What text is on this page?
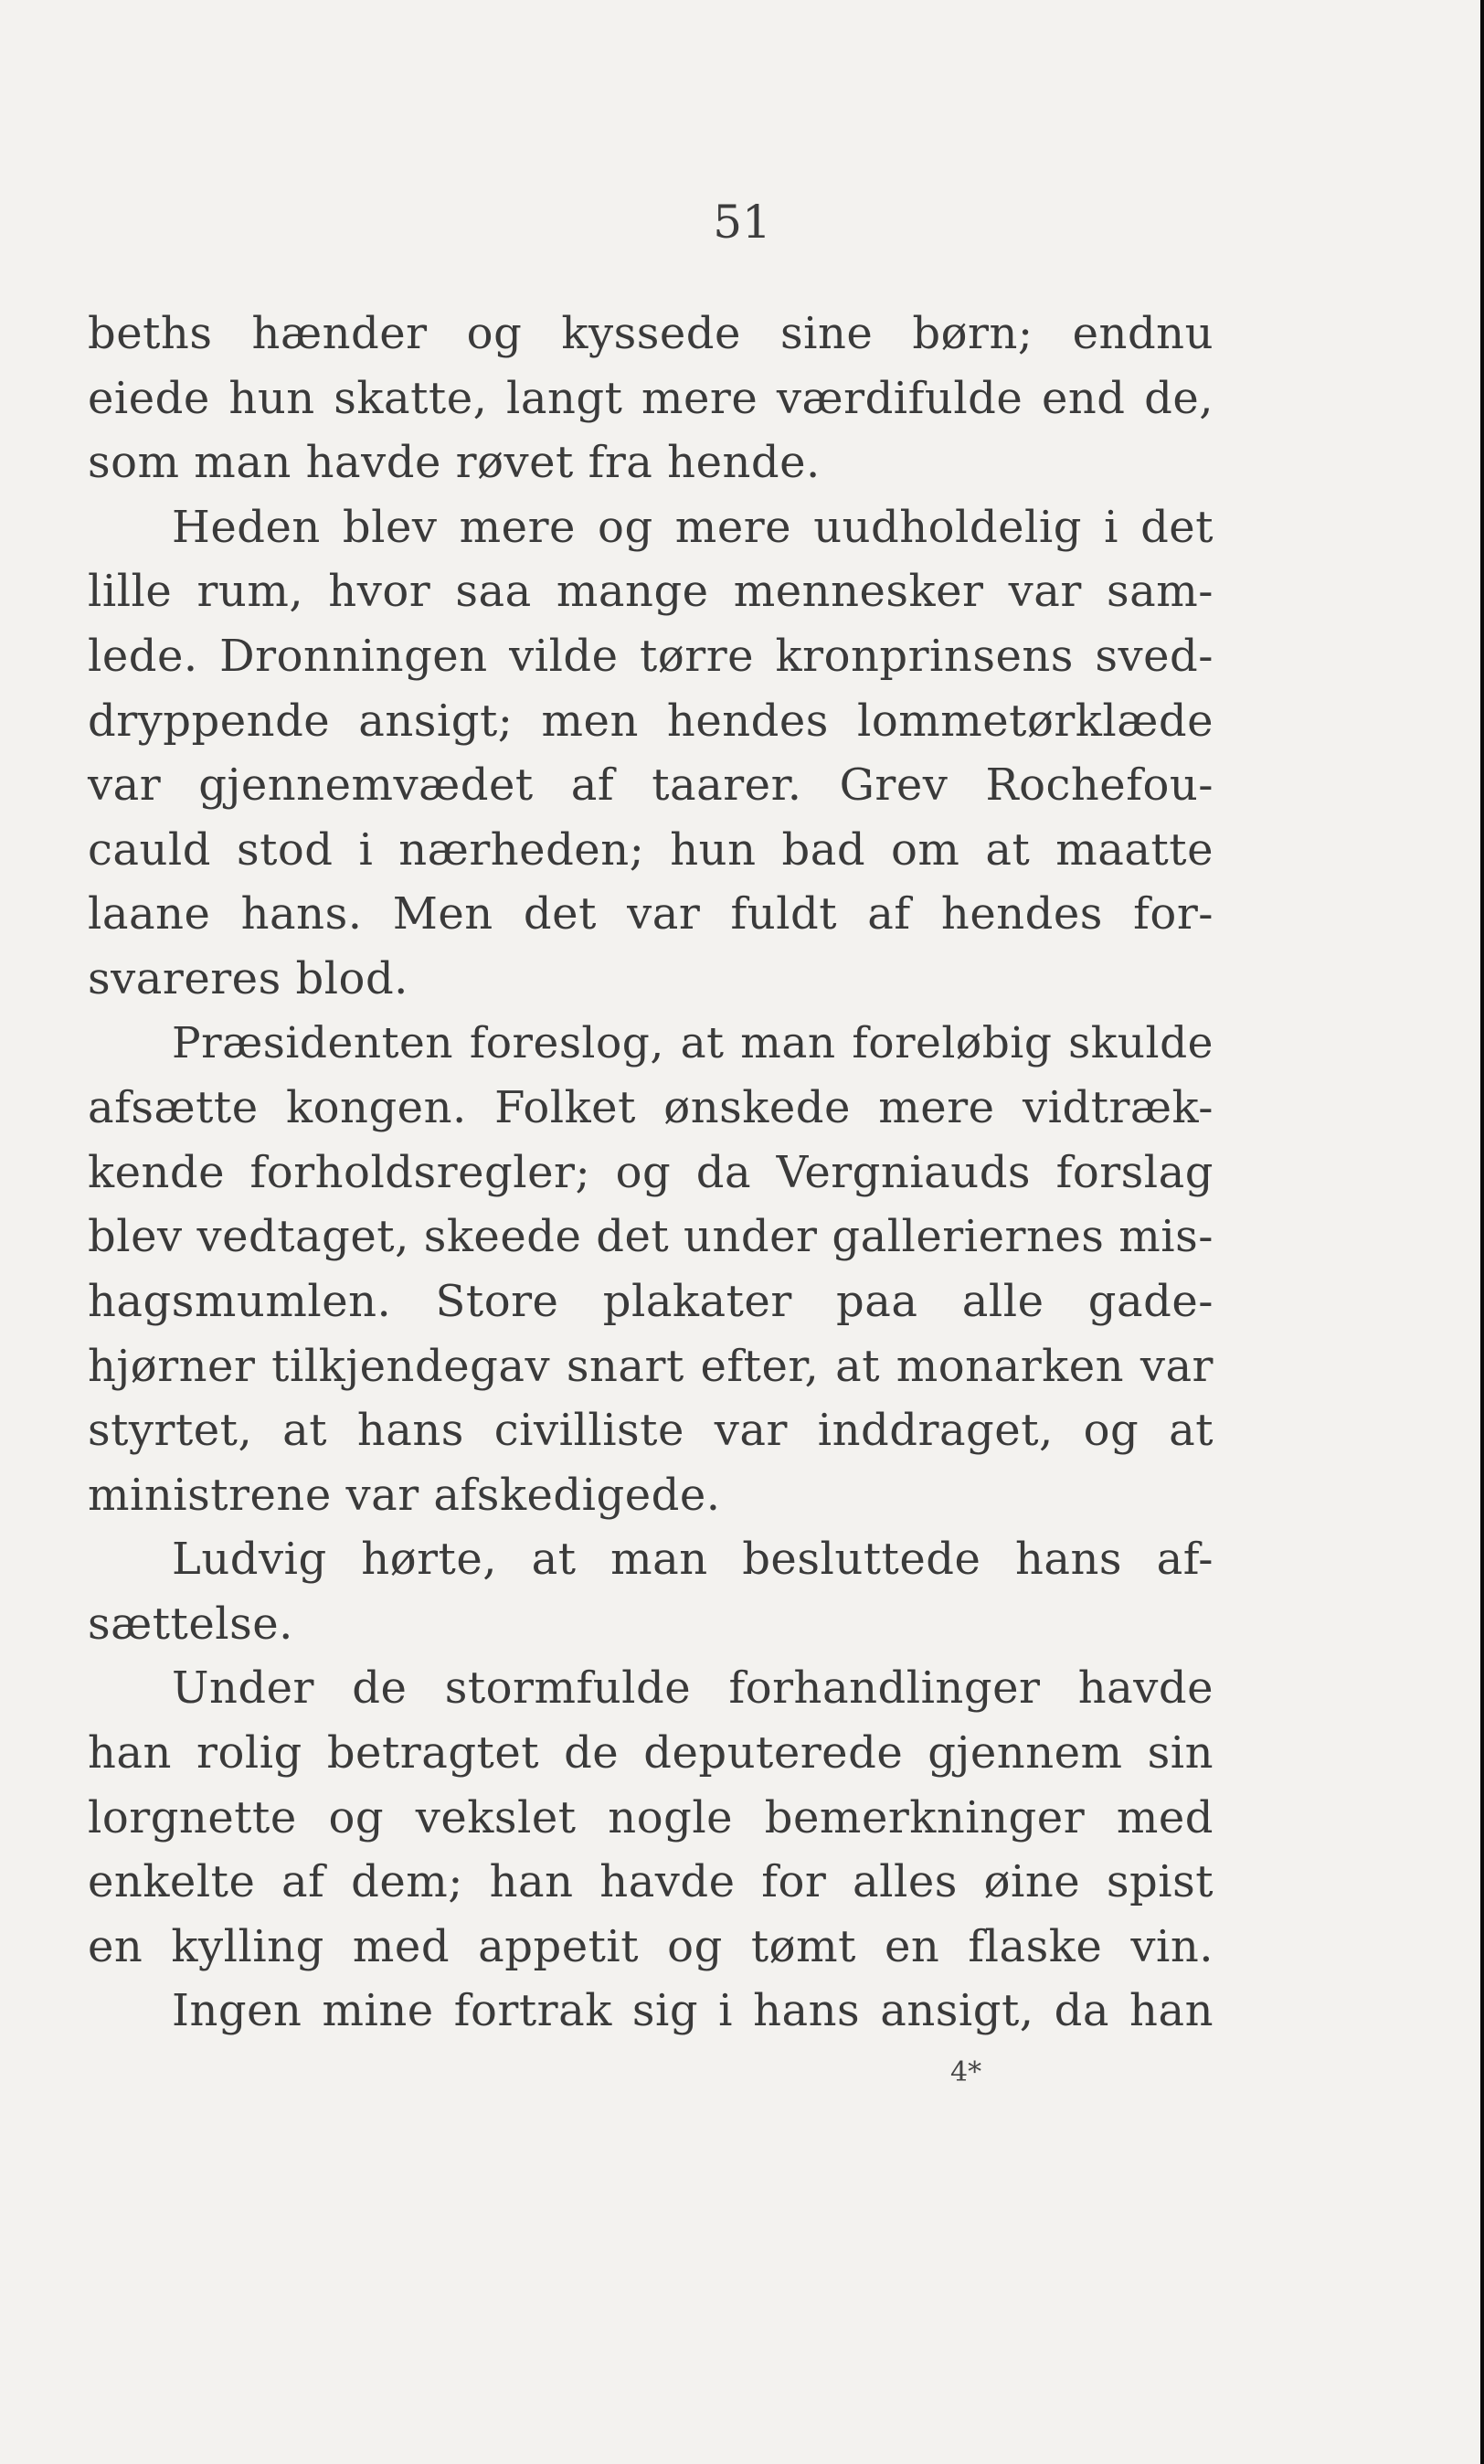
51
beths hænder og kyssede sine børn; endnu
eiede hun skatte, langt mere værdifulde end de,
som man havde røvet fra hende.
Heden blev mere og mere uudholdelig i det
lille rum, hvor saa mange mennesker var sam-
lede. Dronningen vilde tørre kronprinsens sved-
dryppende ansigt; men hendes lommetørklæde
var gjennemvædet af taarer. Grev Rochefou-
cauld stod i nærheden; hun bad om at maatte
laane hans. Men det var fuldt af hendes for-
svareres blod.
Præsidenten foreslog, at man foreløbig skulde
afsætte kongen. Folket ønskede mere vidtræk-
kende forholdsregler; og da Vergniauds forslag
blev vedtaget, skeede det under galleriernes mis-
hagsmumlen. Store plakater paa alle gade-
hjørner tilkjendegav snart efter, at monarken var
styrtet, at hans civilliste var inddraget, og at
ministrene var afskedigede.
Ludvig hørte, at man besluttede hans af-
sættelse.
Under de stormfulde forhandlinger havde
han rolig betragtet de deputerede gjennem sin
lorgnette og vekslet nogle bemerkninger med
enkelte af dem; han havde for alles øine spist
en kylling med appetit og tømt en flaske vin.
Ingen mine fortrak sig i hans ansigt, da han
4*
